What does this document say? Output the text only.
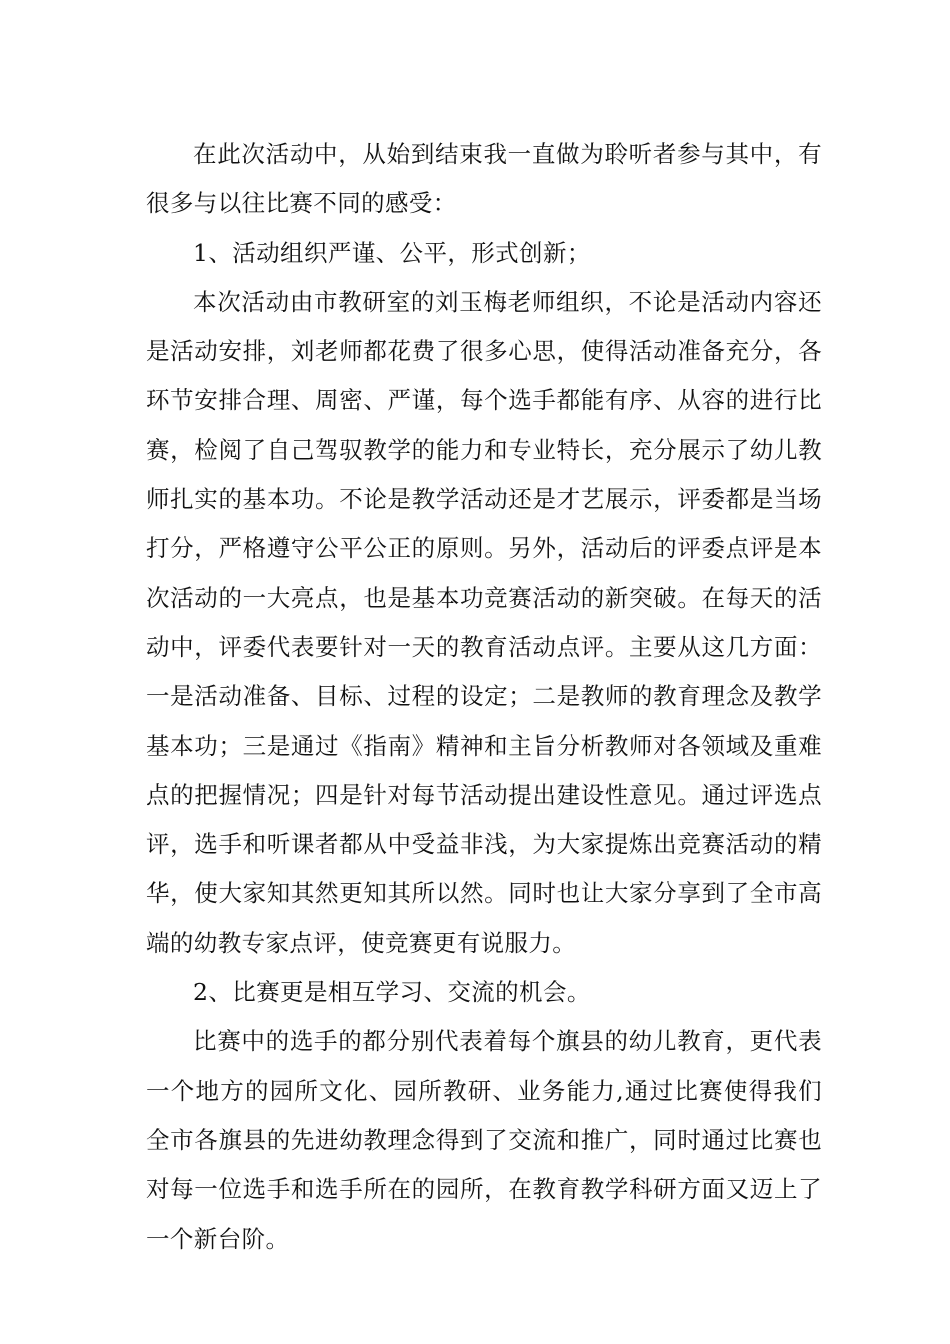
在此次活动中，从始到结束我一直做为聆听者参与其中，有很多与以往比赛不同的感受：

1、活动组织严谨、公平，形式创新；

本次活动由市教研室的刘玉梅老师组织，不论是活动内容还是活动安排，刘老师都花费了很多心思，使得活动准备充分，各环节安排合理、周密、严谨，每个选手都能有序、从容的进行比赛，检阅了自己驾驭教学的能力和专业特长，充分展示了幼儿教师扎实的基本功。不论是教学活动还是才艺展示，评委都是当场打分，严格遵守公平公正的原则。另外，活动后的评委点评是本次活动的一大亮点，也是基本功竞赛活动的新突破。在每天的活动中，评委代表要针对一天的教育活动点评。主要从这几方面：一是活动准备、目标、过程的设定；二是教师的教育理念及教学基本功；三是通过《指南》精神和主旨分析教师对各领域及重难点的把握情况；四是针对每节活动提出建设性意见。通过评选点评，选手和听课者都从中受益非浅，为大家提炼出竞赛活动的精华，使大家知其然更知其所以然。同时也让大家分享到了全市高端的幼教专家点评，使竞赛更有说服力。

2、比赛更是相互学习、交流的机会。

比赛中的选手的都分别代表着每个旗县的幼儿教育，更代表一个地方的园所文化、园所教研、业务能力,通过比赛使得我们全市各旗县的先进幼教理念得到了交流和推广，同时通过比赛也对每一位选手和选手所在的园所，在教育教学科研方面又迈上了一个新台阶。
